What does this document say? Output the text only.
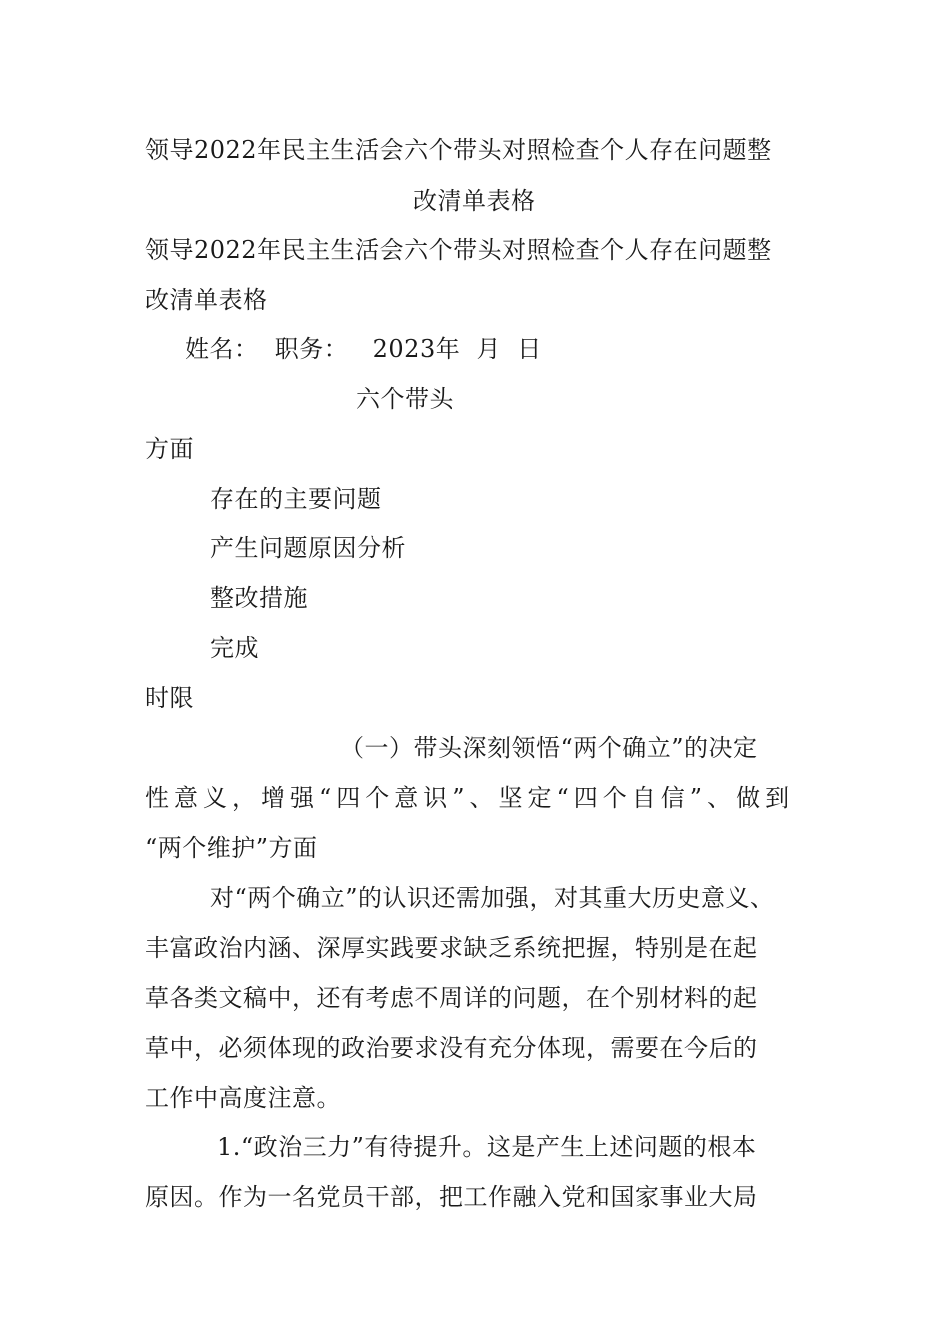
领导2022年民主生活会六个带头对照检查个人存在问题整
改清单表格
领导2022年民主生活会六个带头对照检查个人存在问题整
改清单表格
姓名：  职务：   2023年  月  日
六个带头
方面
存在的主要问题
产生问题原因分析
整改措施
完成
时限
（一）带头深刻领悟“两个确立”的决定
性意义，增强“四个意识”、坚定“四个自信”、做到
“两个维护”方面
对“两个确立”的认识还需加强，对其重大历史意义、
丰富政治内涵、深厚实践要求缺乏系统把握，特别是在起
草各类文稿中，还有考虑不周详的问题，在个别材料的起
草中，必须体现的政治要求没有充分体现，需要在今后的
工作中高度注意。
1.“政治三力”有待提升。这是产生上述问题的根本
原因。作为一名党员干部，把工作融入党和国家事业大局
